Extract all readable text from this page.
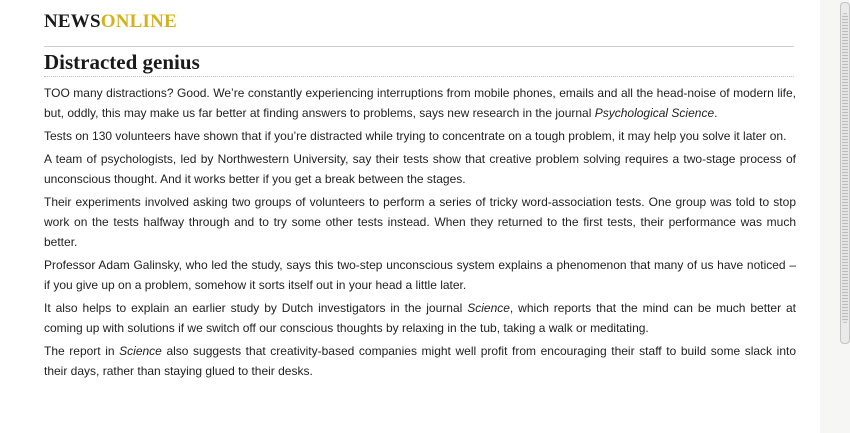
NEWSONLINE
Distracted genius

TOO many distractions? Good. We’re constantly experiencing interruptions from mobile phones, emails and all the head-noise of modern life, but, oddly, this may make us far better at finding answers to problems, says new research in the journal Psychological Science.

Tests on 130 volunteers have shown that if you’re distracted while trying to concentrate on a tough problem, it may help you solve it later on.

A team of psychologists, led by Northwestern University, say their tests show that creative problem solving requires a two-stage process of unconscious thought. And it works better if you get a break between the stages.

Their experiments involved asking two groups of volunteers to perform a series of tricky word-association tests. One group was told to stop work on the tests halfway through and to try some other tests instead. When they returned to the first tests, their performance was much better.

Professor Adam Galinsky, who led the study, says this two-step unconscious system explains a phenomenon that many of us have noticed – if you give up on a problem, somehow it sorts itself out in your head a little later.

It also helps to explain an earlier study by Dutch investigators in the journal Science, which reports that the mind can be much better at coming up with solutions if we switch off our conscious thoughts by relaxing in the tub, taking a walk or meditating.

The report in Science also suggests that creativity-based companies might well profit from encouraging their staff to build some slack into their days, rather than staying glued to their desks.
